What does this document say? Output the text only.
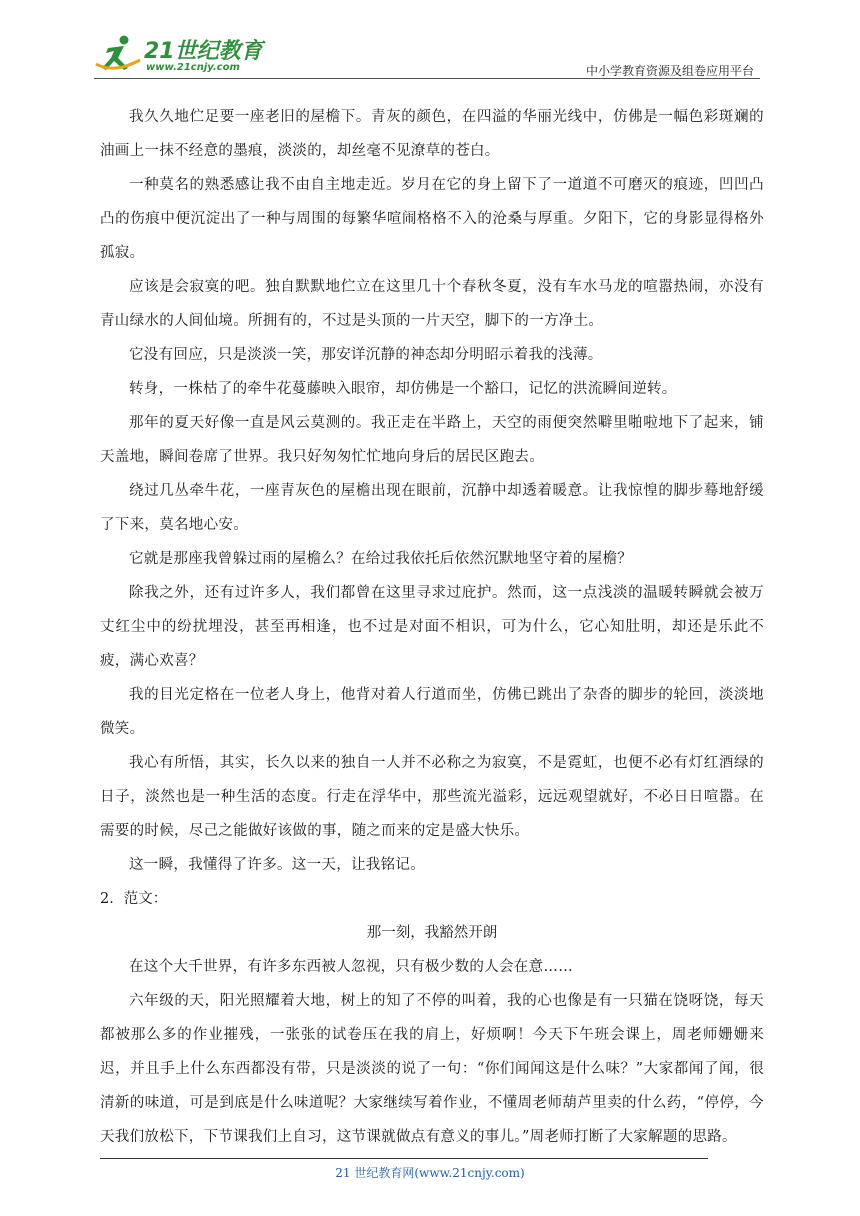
21世纪教育
www.21cnjy.com	中小学教育资源及组卷应用平台

我久久地伫足要一座老旧的屋檐下。青灰的颜色，在四溢的华丽光线中，仿佛是一幅色彩斑斓的油画上一抹不经意的墨痕，淡淡的，却丝毫不见潦草的苍白。

一种莫名的熟悉感让我不由自主地走近。岁月在它的身上留下了一道道不可磨灭的痕迹，凹凹凸凸的伤痕中便沉淀出了一种与周围的每繁华喧闹格格不入的沧桑与厚重。夕阳下，它的身影显得格外孤寂。

应该是会寂寞的吧。独自默默地伫立在这里几十个春秋冬夏，没有车水马龙的喧嚣热闹，亦没有青山绿水的人间仙境。所拥有的，不过是头顶的一片天空，脚下的一方净土。

它没有回应，只是淡淡一笑，那安详沉静的神态却分明昭示着我的浅薄。

转身，一株枯了的牵牛花蔓藤映入眼帘，却仿佛是一个豁口，记忆的洪流瞬间逆转。

那年的夏天好像一直是风云莫测的。我正走在半路上，天空的雨便突然噼里啪啦地下了起来，铺天盖地，瞬间卷席了世界。我只好匆匆忙忙地向身后的居民区跑去。

绕过几丛牵牛花，一座青灰色的屋檐出现在眼前，沉静中却透着暖意。让我惊惶的脚步蓦地舒缓了下来，莫名地心安。

它就是那座我曾躲过雨的屋檐么？在给过我依托后依然沉默地坚守着的屋檐？

除我之外，还有过许多人，我们都曾在这里寻求过庇护。然而，这一点浅淡的温暖转瞬就会被万丈红尘中的纷扰埋没，甚至再相逢，也不过是对面不相识，可为什么，它心知肚明，却还是乐此不疲，满心欢喜？

我的目光定格在一位老人身上，他背对着人行道而坐，仿佛已跳出了杂沓的脚步的轮回，淡淡地微笑。

我心有所悟，其实，长久以来的独自一人并不必称之为寂寞，不是霓虹，也便不必有灯红酒绿的日子，淡然也是一种生活的态度。行走在浮华中，那些流光溢彩，远远观望就好，不必日日喧嚣。在需要的时候，尽己之能做好该做的事，随之而来的定是盛大快乐。

这一瞬，我懂得了许多。这一天，让我铭记。

2．范文：

那一刻，我豁然开朗

在这个大千世界，有许多东西被人忽视，只有极少数的人会在意……

六年级的天，阳光照耀着大地，树上的知了不停的叫着，我的心也像是有一只猫在饶呀饶，每天都被那么多的作业摧残，一张张的试卷压在我的肩上，好烦啊！今天下午班会课上，周老师姗姗来迟，并且手上什么东西都没有带，只是淡淡的说了一句：“你们闻闻这是什么味？”大家都闻了闻，很清新的味道，可是到底是什么味道呢？大家继续写着作业，不懂周老师葫芦里卖的什么药，“停停，今天我们放松下，下节课我们上自习，这节课就做点有意义的事儿。”周老师打断了大家解题的思路。

21 世纪教育网(www.21cnjy.com)
